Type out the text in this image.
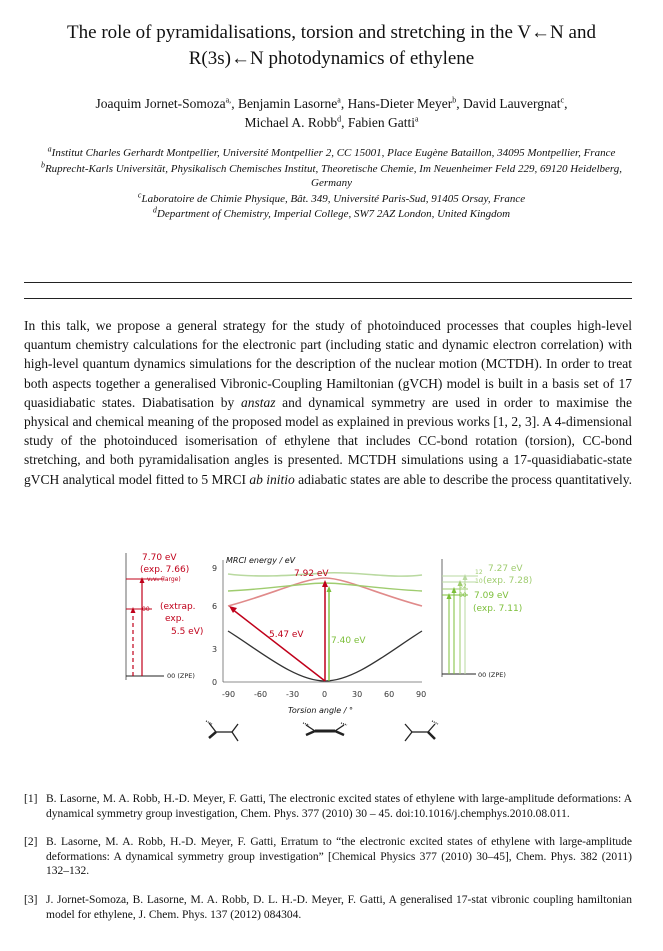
The role of pyramidalisations, torsion and stretching in the V←N and
R(3s)←N photodynamics of ethylene
Joaquim Jornet-Somoza$^{a,}$, Benjamin Lasorne$^a$, Hans-Dieter Meyer$^b$, David Lauvergnat$^c$,
Michael A. Robb$^d$, Fabien Gatti$^a$
$^a$Institut Charles Gerhardt Montpellier, Université Montpellier 2, CC 15001, Place Eugène Bataillon, 34095 Montpellier, France
$^b$Ruprecht-Karls Universität, Physikalisch Chemisches Institut, Theoretische Chemie, Im Neuenheimer Feld 229, 69120 Heidelberg, Germany
$^c$Laboratoire de Chimie Physique, Bât. 349, Université Paris-Sud, 91405 Orsay, France
$^d$Department of Chemistry, Imperial College, SW7 2AZ London, United Kingdom

In this talk, we propose a general strategy for the study of photoinduced processes that couples high-level quantum chemistry calculations for the electronic part (including static and dynamic electron correlation) with high-level quantum dynamics simulations for the description of the nuclear motion (MCTDH). In order to treat both aspects together a generalised Vibronic-Coupling Hamiltonian (gVCH) model is built in a basis set of 17 quasidiabatic states. Diabatisation by anstaz and dynamical symmetry are used in order to maximise the physical and chemical meaning of the proposed model as explained in previous works [1, 2, 3]. A 4-dimensional study of the photoinduced isomerisation of ethylene that includes CC-bond rotation (torsion), CC-bond stretching, and both pyramidalisation angles is presented. MCTDH simulations using a 17-quasidiabatic-state gVCH analytical model fitted to 5 MRCI ab initio adiabatic states are able to describe the process quantitatively.

7.70 eV
(exp. 7.66)
v₂v₄ (large)
00 (extrap.
exp.
5.5 eV)
00 (ZPE)
0
3
6
9
MRCI energy / eV
-90 -60 -30	0	30	60	90
Torsion angle / °
7.92 eV
7.40 eV
5.47 eV
12
10
02
00
7.27 eV
(exp. 7.28)
7.09 eV
(exp. 7.11)
00 (ZPE)
[1] B. Lasorne, M. A. Robb, H.-D. Meyer, F. Gatti, The electronic excited states of ethylene with large-amplitude deformations: A dynamical symmetry group investigation, Chem. Phys. 377 (2010) 30 – 45. doi:10.1016/j.chemphys.2010.08.011.
[2] B. Lasorne, M. A. Robb, H.-D. Meyer, F. Gatti, Erratum to “the electronic excited states of ethylene with large-amplitude deformations: A dynamical symmetry group investigation” [Chemical Physics 377 (2010) 30–45], Chem. Phys. 382 (2011) 132–132.
[3] J. Jornet-Somoza, B. Lasorne, M. A. Robb, D. L. H.-D. Meyer, F. Gatti, A generalised 17-stat vibronic coupling hamiltonian model for ethylene, J. Chem. Phys. 137 (2012) 084304.
